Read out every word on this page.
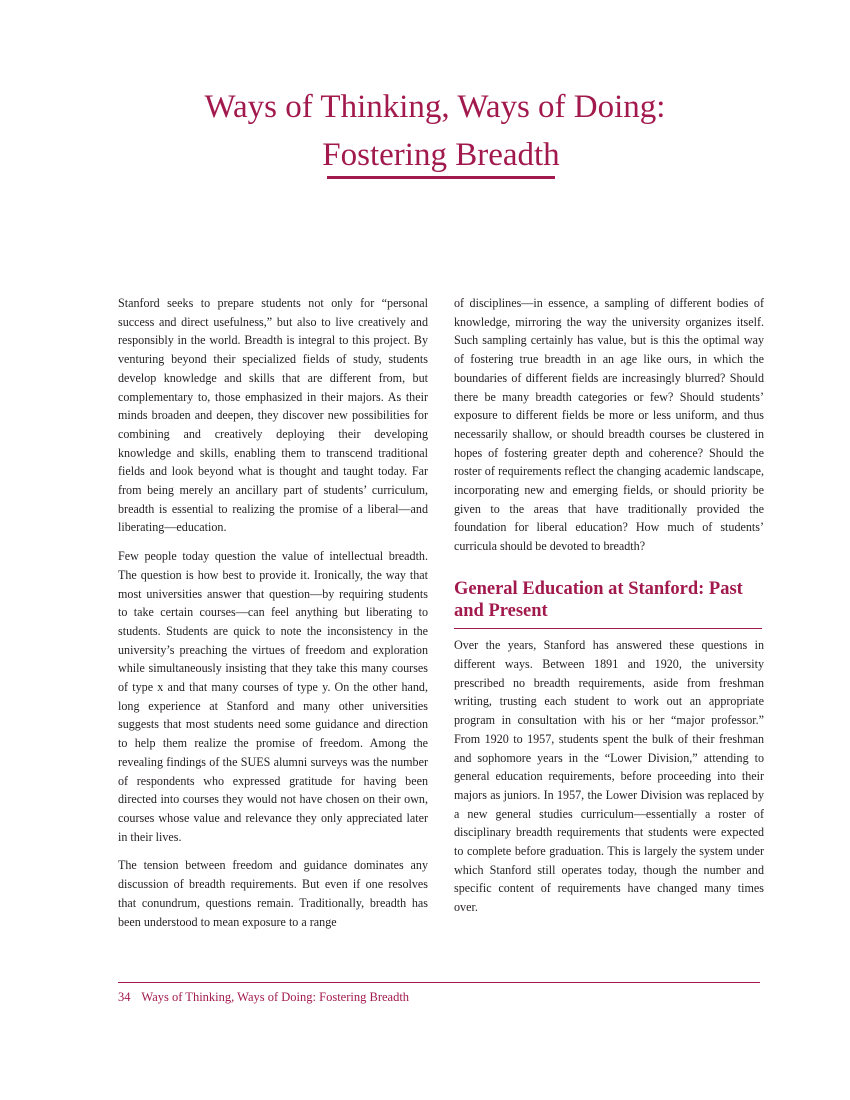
Ways of Thinking, Ways of Doing:
Fostering Breadth

Stanford seeks to prepare students not only for “personal success and direct usefulness,” but also to live creatively and responsibly in the world. Breadth is integral to this project. By venturing beyond their specialized fields of study, students develop knowledge and skills that are different from, but complementary to, those emphasized in their majors. As their minds broaden and deepen, they discover new possibilities for combining and creatively deploying their developing knowledge and skills, enabling them to transcend traditional fields and look beyond what is thought and taught today. Far from being merely an ancillary part of students’ curriculum, breadth is essential to realizing the promise of a liberal—and liberating—education.

Few people today question the value of intellectual breadth. The question is how best to provide it. Ironically, the way that most universities answer that question—by requiring students to take certain courses—can feel anything but liberating to students. Students are quick to note the inconsistency in the university’s preaching the virtues of freedom and exploration while simultaneously insisting that they take this many courses of type x and that many courses of type y. On the other hand, long experience at Stanford and many other universities suggests that most students need some guidance and direction to help them realize the promise of freedom. Among the revealing findings of the SUES alumni surveys was the number of respondents who expressed gratitude for having been directed into courses they would not have chosen on their own, courses whose value and relevance they only appreciated later in their lives.

The tension between freedom and guidance dominates any discussion of breadth requirements. But even if one resolves that conundrum, questions remain. Traditionally, breadth has been understood to mean exposure to a range

of disciplines—in essence, a sampling of different bodies of knowledge, mirroring the way the university organizes itself. Such sampling certainly has value, but is this the optimal way of fostering true breadth in an age like ours, in which the boundaries of different fields are increasingly blurred? Should there be many breadth categories or few? Should students’ exposure to different fields be more or less uniform, and thus necessarily shallow, or should breadth courses be clustered in hopes of fostering greater depth and coherence? Should the roster of requirements reflect the changing academic landscape, incorporating new and emerging fields, or should priority be given to the areas that have traditionally provided the foundation for liberal education? How much of students’ curricula should be devoted to breadth?

General Education at Stanford: Past and Present

Over the years, Stanford has answered these questions in different ways. Between 1891 and 1920, the university prescribed no breadth requirements, aside from freshman writing, trusting each student to work out an appropriate program in consultation with his or her “major professor.” From 1920 to 1957, students spent the bulk of their freshman and sophomore years in the “Lower Division,” attending to general education requirements, before proceeding into their majors as juniors. In 1957, the Lower Division was replaced by a new general studies curriculum—essentially a roster of disciplinary breadth requirements that students were expected to complete before graduation. This is largely the system under which Stanford still operates today, though the number and specific content of requirements have changed many times over.

34 Ways of Thinking, Ways of Doing: Fostering Breadth
